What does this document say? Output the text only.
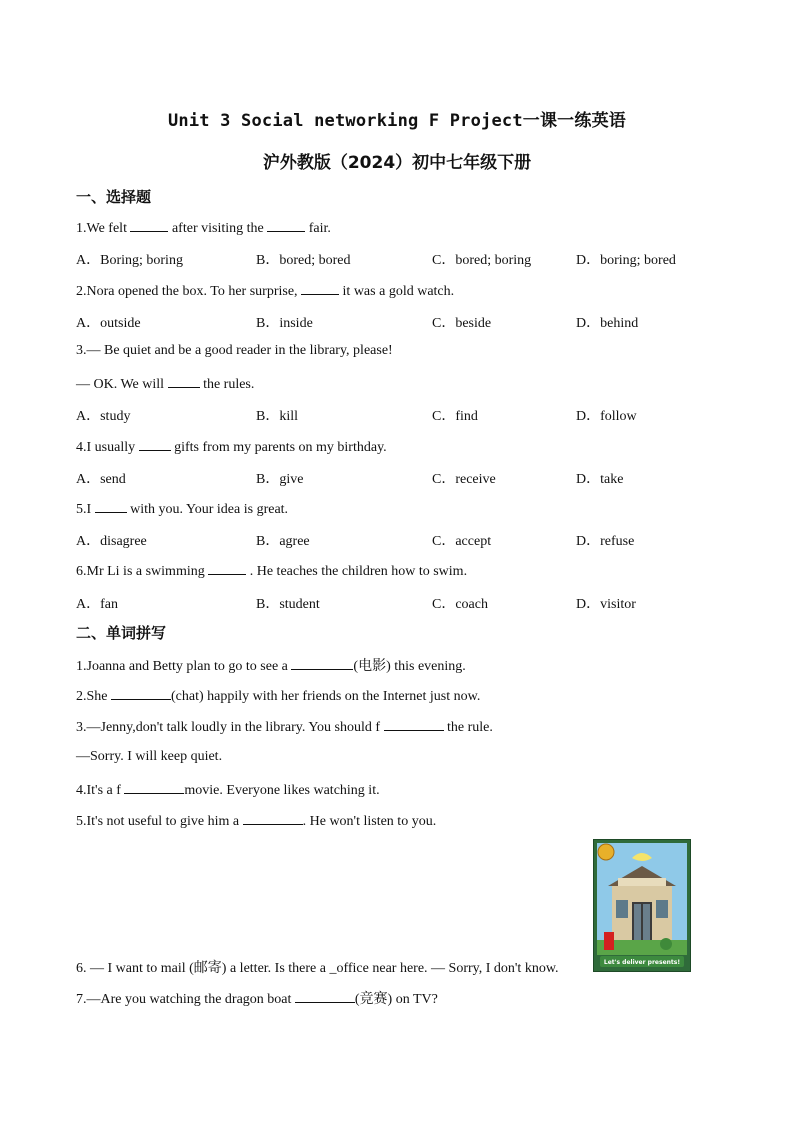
Unit 3 Social networking F Project一课一练英语
沪外教版（2024）初中七年级下册
一、选择题
1.We felt	after visiting the	fair.
A．Boring; boring	B．bored; bored	C．bored; boring	D．boring; bored
2.Nora opened the box. To her surprise,	it was a gold watch.
A．outside	B．inside	C．beside	D．behind
3.— Be quiet and be a good reader in the library, please!
— OK. We will  the rules.
A．study	B．kill	C．find	D．follow
4.I usually  gifts from my parents on my birthday.
A．send	B．give	C．receive	D．take
5.I  with you. Your idea is great.
A．disagree	B．agree	C．accept	D．refuse
6.Mr Li is a swimming	. He teaches the children how to swim.
A．fan	B．student	C．coach	D．visitor
二、单词拼写
1.Joanna and Betty plan to go to see a	(电影) this evening.
2.She	(chat) happily with her friends on the Internet just now.
3.—Jenny,don't talk loudly in the library. You should f	the rule.
—Sorry. I will keep quiet.
4.It's a f	movie. Everyone likes watching it.
5.It's not useful to give him a	. He won't listen to you.
Let's deliver presents!
6. — I want to mail (邮寄) a letter. Is there a _office near here. — Sorry, I don't know.
7.—Are you watching the dragon boat	(竞赛) on TV?
